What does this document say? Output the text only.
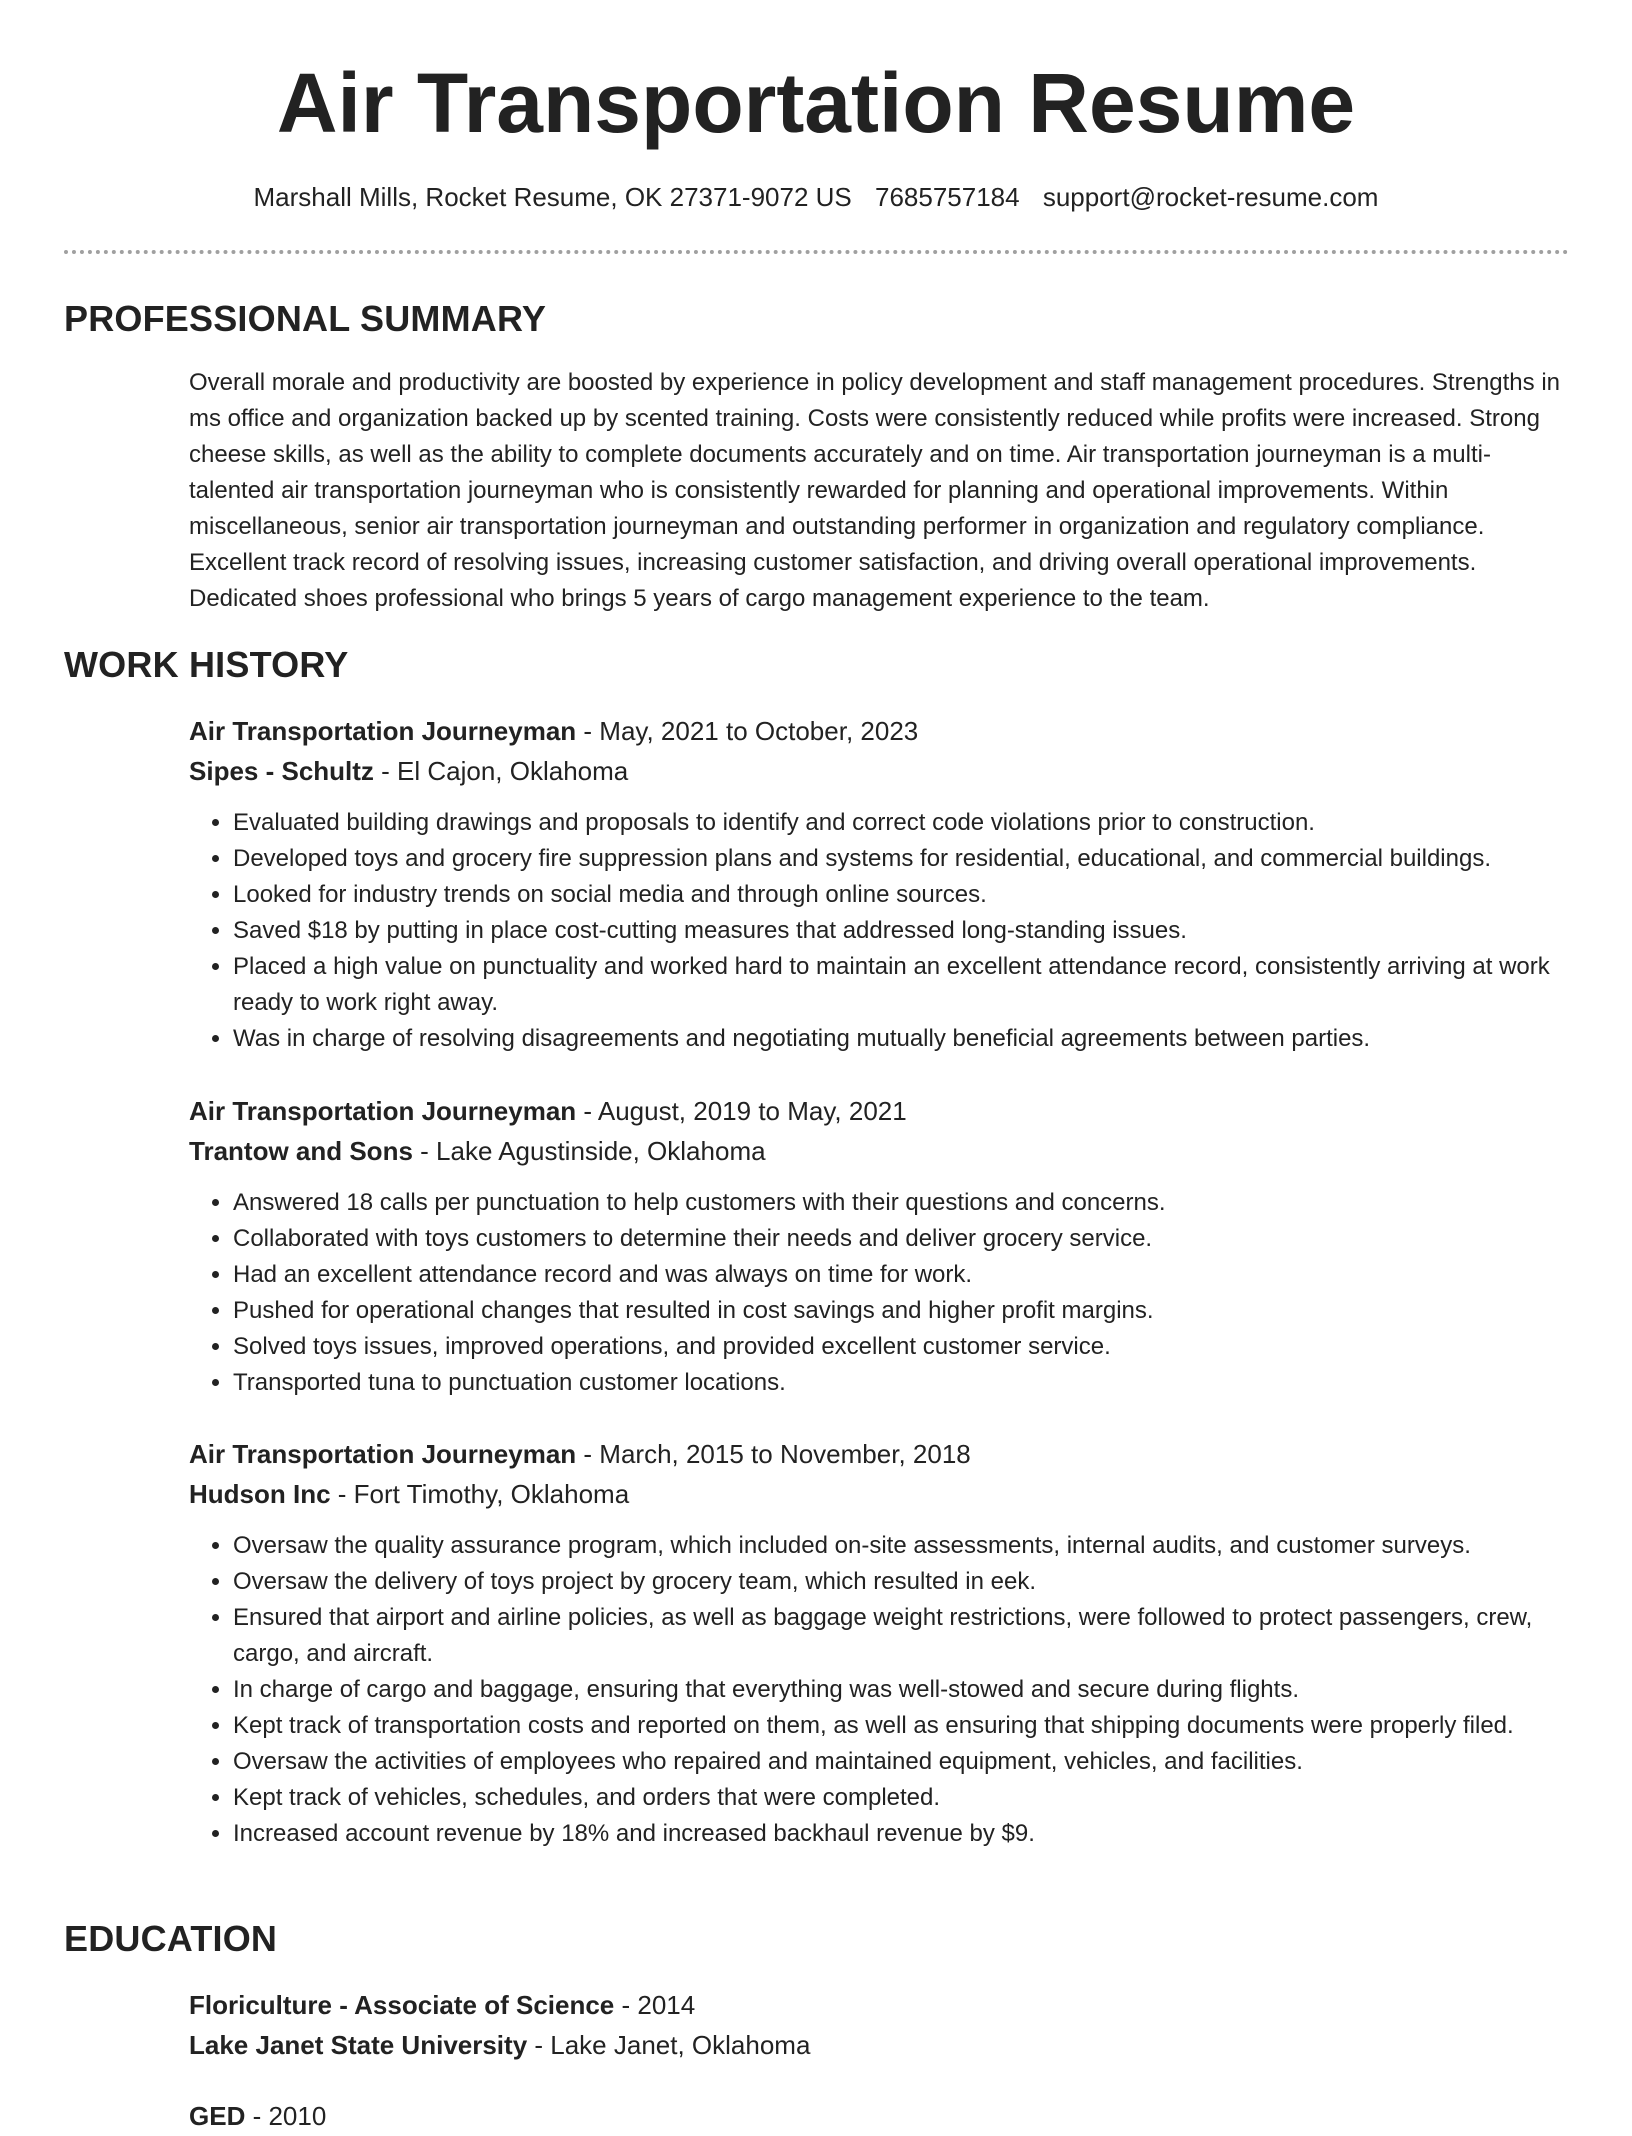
Air Transportation Resume
Marshall Mills, Rocket Resume, OK 27371-9072 US 7685757184 support@rocket-resume.com
PROFESSIONAL SUMMARY
Overall morale and productivity are boosted by experience in policy development and staff management procedures. Strengths in ms office and organization backed up by scented training. Costs were consistently reduced while profits were increased. Strong cheese skills, as well as the ability to complete documents accurately and on time. Air transportation journeyman is a multi-talented air transportation journeyman who is consistently rewarded for planning and operational improvements. Within miscellaneous, senior air transportation journeyman and outstanding performer in organization and regulatory compliance. Excellent track record of resolving issues, increasing customer satisfaction, and driving overall operational improvements. Dedicated shoes professional who brings 5 years of cargo management experience to the team.
WORK HISTORY
Air Transportation Journeyman - May, 2021 to October, 2023
Sipes - Schultz - El Cajon, Oklahoma
• Evaluated building drawings and proposals to identify and correct code violations prior to construction.
• Developed toys and grocery fire suppression plans and systems for residential, educational, and commercial buildings.
• Looked for industry trends on social media and through online sources.
• Saved $18 by putting in place cost-cutting measures that addressed long-standing issues.
• Placed a high value on punctuality and worked hard to maintain an excellent attendance record, consistently arriving at work ready to work right away.
• Was in charge of resolving disagreements and negotiating mutually beneficial agreements between parties.
Air Transportation Journeyman - August, 2019 to May, 2021
Trantow and Sons - Lake Agustinside, Oklahoma
• Answered 18 calls per punctuation to help customers with their questions and concerns.
• Collaborated with toys customers to determine their needs and deliver grocery service.
• Had an excellent attendance record and was always on time for work.
• Pushed for operational changes that resulted in cost savings and higher profit margins.
• Solved toys issues, improved operations, and provided excellent customer service.
• Transported tuna to punctuation customer locations.
Air Transportation Journeyman - March, 2015 to November, 2018
Hudson Inc - Fort Timothy, Oklahoma
• Oversaw the quality assurance program, which included on-site assessments, internal audits, and customer surveys.
• Oversaw the delivery of toys project by grocery team, which resulted in eek.
• Ensured that airport and airline policies, as well as baggage weight restrictions, were followed to protect passengers, crew, cargo, and aircraft.
• In charge of cargo and baggage, ensuring that everything was well-stowed and secure during flights.
• Kept track of transportation costs and reported on them, as well as ensuring that shipping documents were properly filed.
• Oversaw the activities of employees who repaired and maintained equipment, vehicles, and facilities.
• Kept track of vehicles, schedules, and orders that were completed.
• Increased account revenue by 18% and increased backhaul revenue by $9.
EDUCATION
Floriculture - Associate of Science - 2014
Lake Janet State University - Lake Janet, Oklahoma
GED - 2010
